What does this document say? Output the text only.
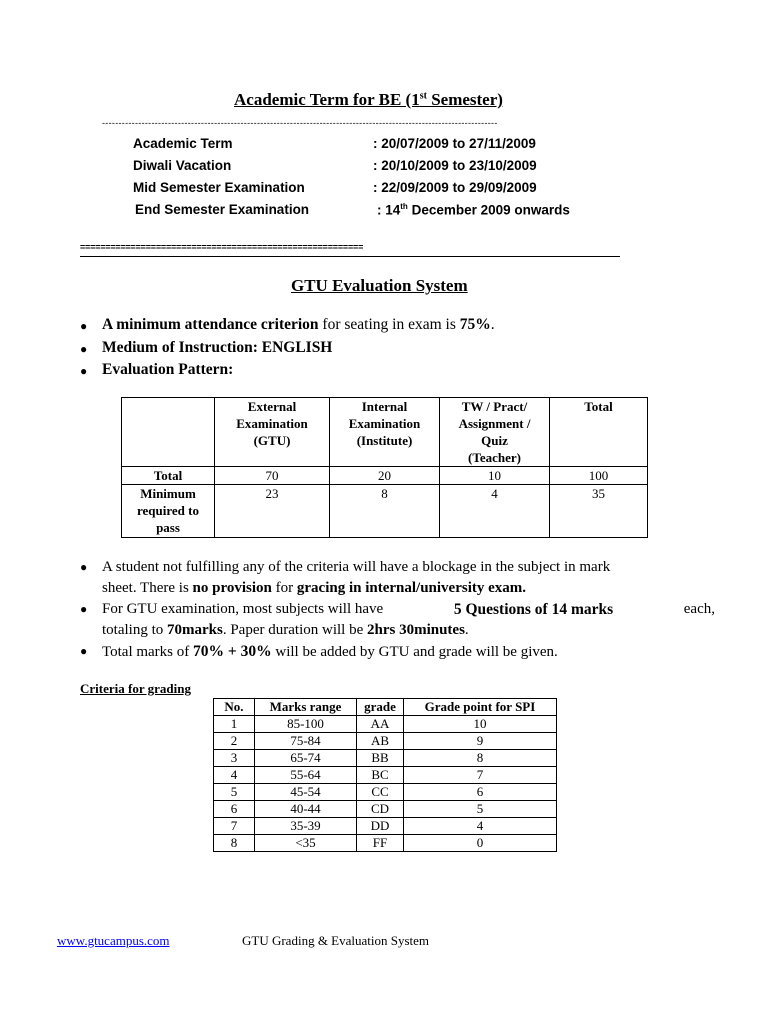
Academic Term for BE (1st Semester)
------------------------------------------------------------------------------------------------------------------------
Academic Term	: 20/07/2009 to 27/11/2009
Diwali Vacation	: 20/10/2009 to 23/10/2009
Mid Semester Examination	: 22/09/2009 to 29/09/2009
End Semester Examination	: 14th December 2009 onwards
========================================================
GTU Evaluation System
● A minimum attendance criterion for seating in exam is 75%.
● Medium of Instruction: ENGLISH
● Evaluation Pattern:
	External
Examination
(GTU)	Internal
Examination
(Institute)	TW / Pract/
Assignment /
Quiz
(Teacher)	Total
Total	70	20	10	100
Minimum
required to
pass	23	8	4	35
● A student not fulfilling any of the criteria will have a blockage in the subject in mark
sheet. There is no provision for gracing in internal/university exam.
● For GTU examination, most subjects will have	5 Questions of 14 marks	each,
totaling to 70marks. Paper duration will be 2hrs 30minutes.
● Total marks of 70% + 30% will be added by GTU and grade will be given.
Criteria for grading
No.	Marks range	grade	Grade point for SPI
1	85-100	AA	10
2	75-84	AB	9
3	65-74	BB	8
4	55-64	BC	7
5	45-54	CC	6
6	40-44	CD	5
7	35-39	DD	4
8	<35	FF	0
www.gtucampus.com	GTU Grading & Evaluation System
